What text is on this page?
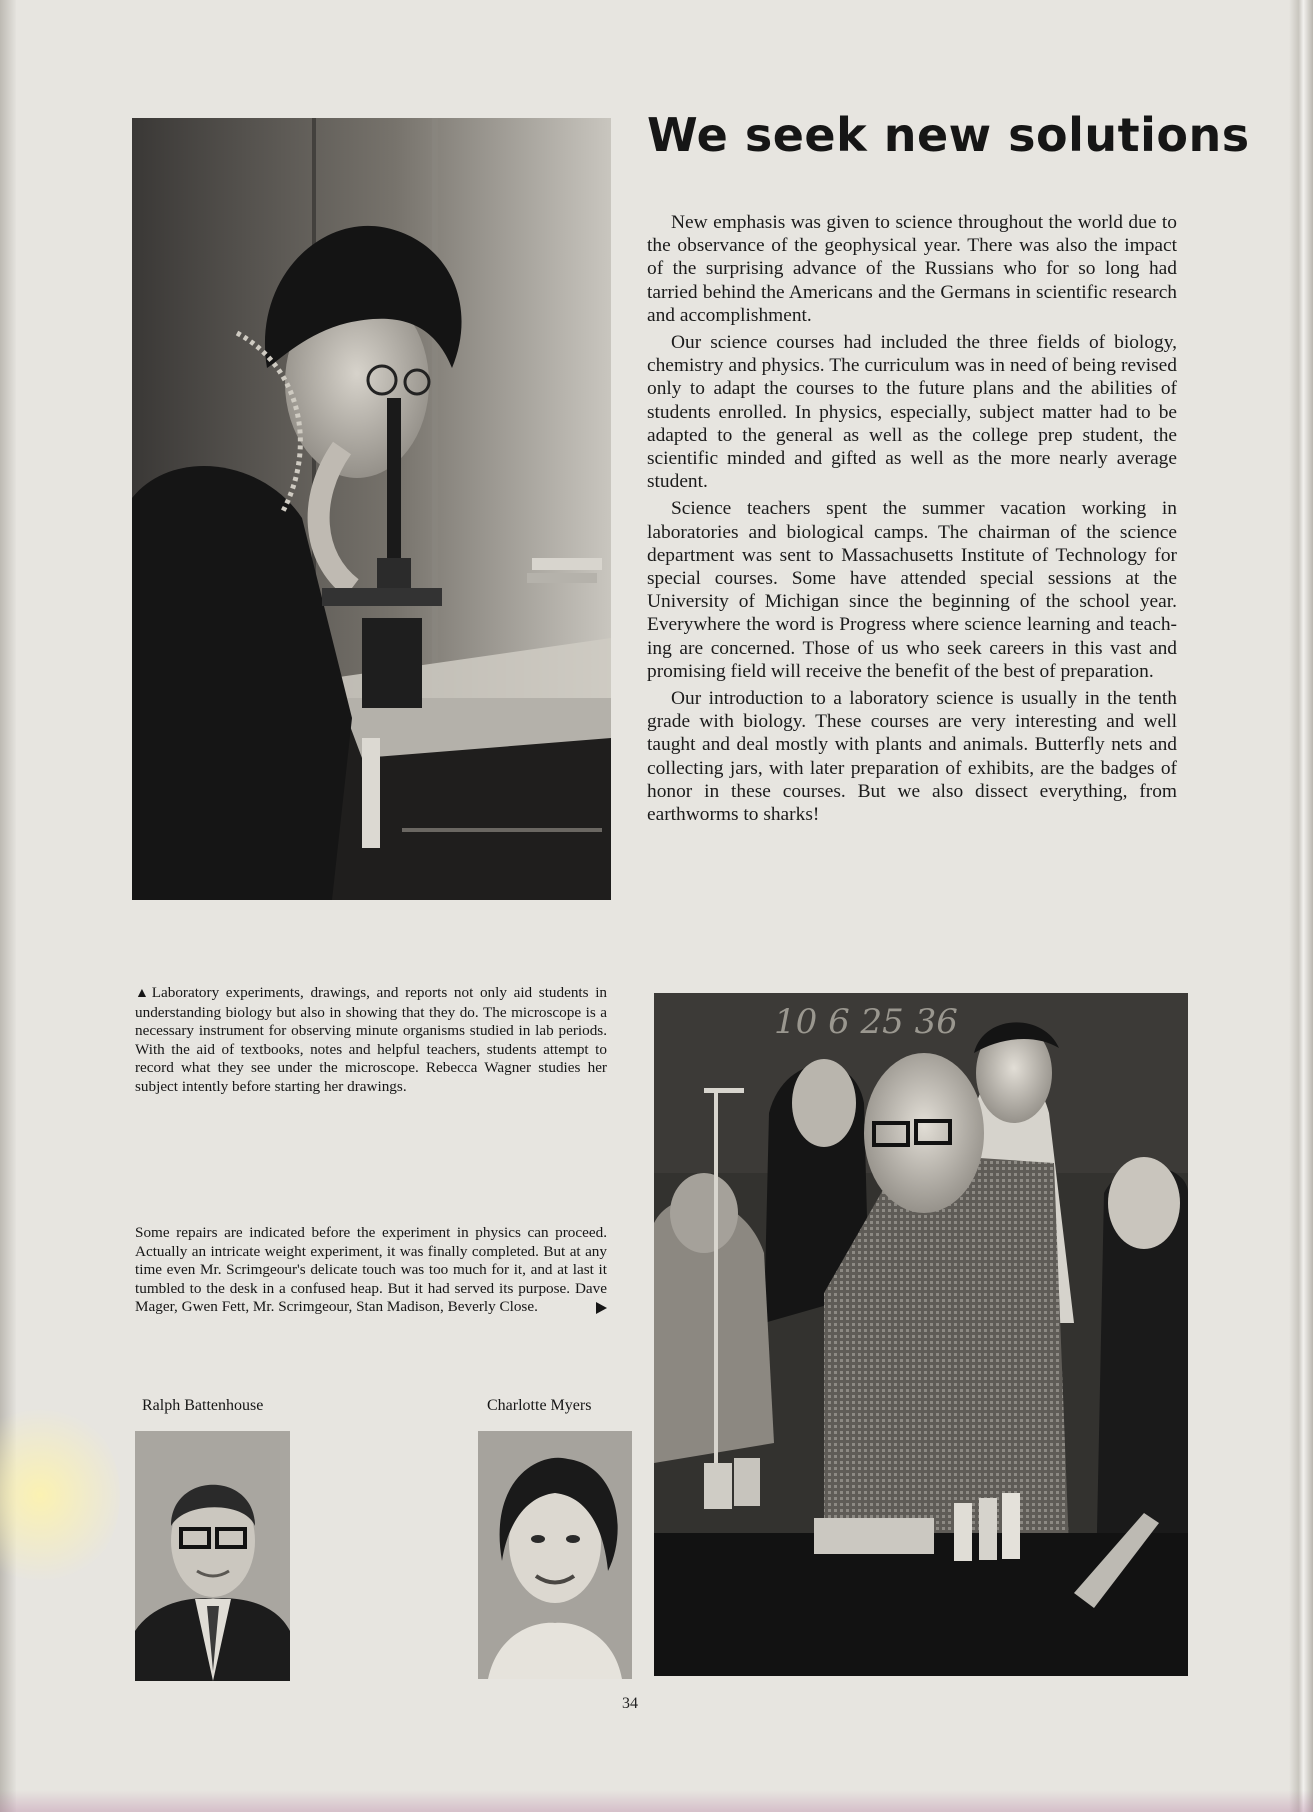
We seek new solutions

New emphasis was given to science throughout the world due to the observance of the geophysical year. There was also the impact of the surprising advance of the Russians who for so long had tarried behind the Americans and the Germans in scientific research and accomplishment.

Our science courses had included the three fields of biology, chemistry and physics. The curriculum was in need of being revised only to adapt the courses to the future plans and the abilities of students enrolled. In physics, especially, subject matter had to be adapted to the general as well as the college prep student, the scientific minded and gifted as well as the more nearly average student.

Science teachers spent the summer vacation working in laboratories and biological camps. The chairman of the science department was sent to Massachusetts Institute of Technology for special courses. Some have attended special sessions at the University of Michigan since the beginning of the school year. Everywhere the word is Progress where science learning and teaching are concerned. Those of us who seek careers in this vast and promising field will receive the benefit of the best of preparation.

Our introduction to a laboratory science is usually in the tenth grade with biology. These courses are very interesting and well taught and deal mostly with plants and animals. Butterfly nets and collecting jars, with later preparation of exhibits, are the badges of honor in these courses. But we also dissect everything, from earthworms to sharks!

▲Laboratory experiments, drawings, and reports not only aid students in understanding biology but also in showing that they do. The microscope is a necessary instrument for observing minute organisms studied in lab periods. With the aid of textbooks, notes and helpful teachers, students attempt to record what they see under the microscope. Rebecca Wagner studies her subject intently before starting her drawings.
Some repairs are indicated before the experiment in physics can proceed. Actually an intricate weight experiment, it was finally completed. But at any time even Mr. Scrimgeour's delicate touch was too much for it, and at last it tumbled to the desk in a confused heap. But it had served its purpose. Dave Mager, Gwen Fett, Mr. Scrimgeour, Stan Madison, Beverly Close.
10 6 25 36
Ralph Battenhouse	Charlotte Myers
34
